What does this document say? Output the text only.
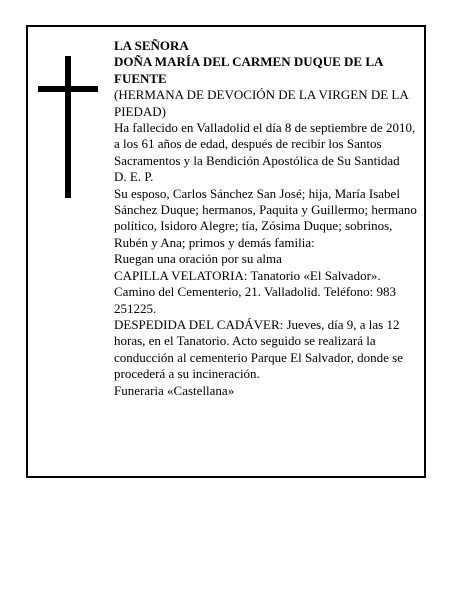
LA SEÑORA

DOÑA MARÍA DEL CARMEN DUQUE DE LA FUENTE

(HERMANA DE DEVOCIÓN DE LA VIRGEN DE LA PIEDAD)

Ha fallecido en Valladolid el día 8 de septiembre de 2010, a los 61 años de edad, después de recibir los Santos Sacramentos y la Bendición Apostólica de Su Santidad

D. E. P.

Su esposo, Carlos Sánchez San José; hija, María Isabel Sánchez Duque; hermanos, Paquita y Guillermo; hermano político, Isidoro Alegre; tía, Zósima Duque; sobrinos, Rubén y Ana; primos y demás familia:

Ruegan una oración por su alma

CAPILLA VELATORIA: Tanatorio «El Salvador». Camino del Cementerio, 21. Valladolid. Teléfono: 983 251225.

DESPEDIDA DEL CADÁVER: Jueves, día 9, a las 12 horas, en el Tanatorio. Acto seguido se realizará la conducción al cementerio Parque El Salvador, donde se procederá a su incineración.

Funeraria «Castellana»
